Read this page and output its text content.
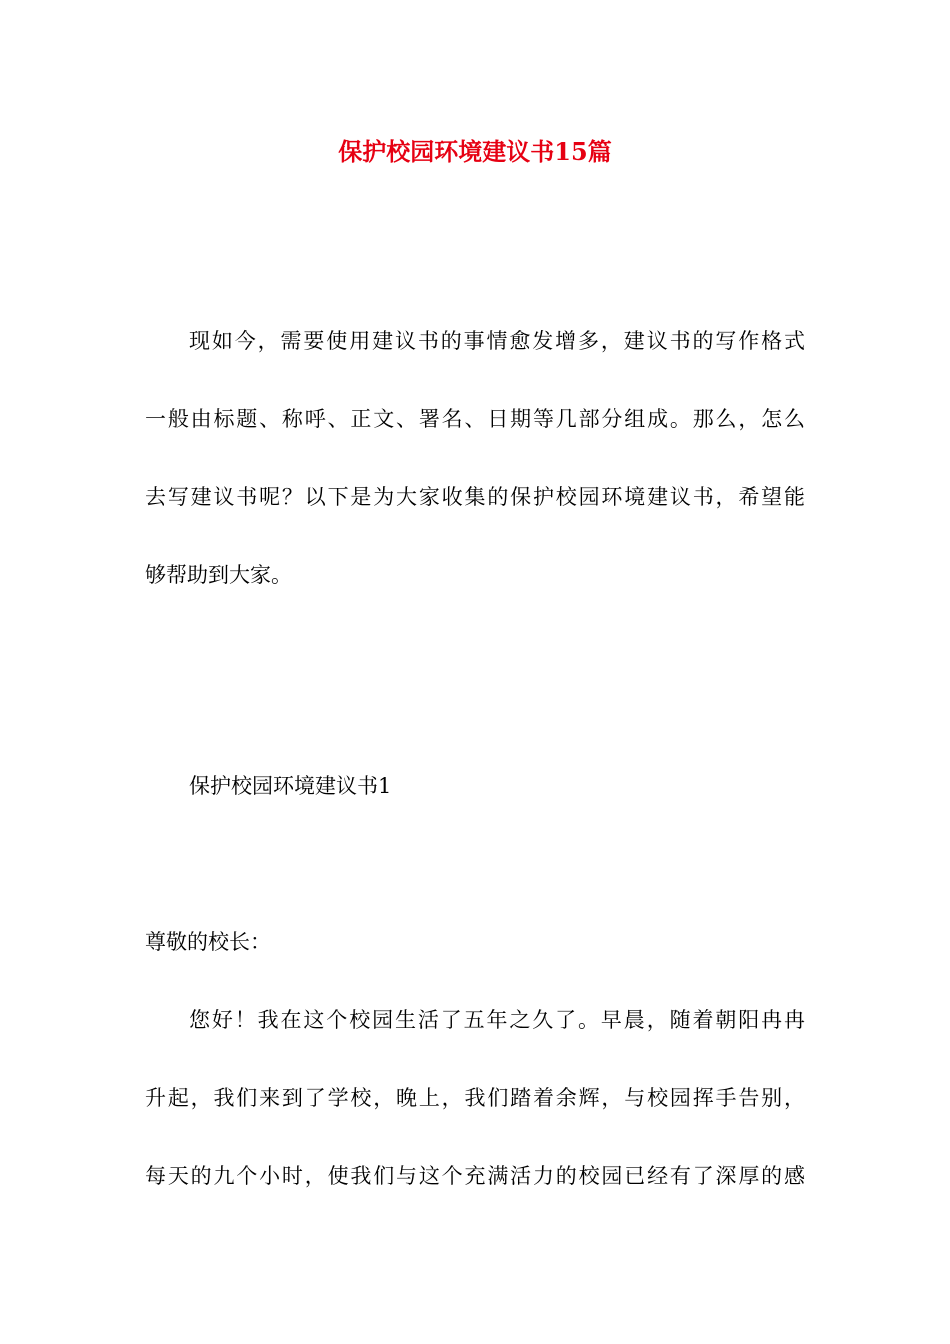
保护校园环境建议书15篇
现如今，需要使用建议书的事情愈发增多，建议书的写作格式
一般由标题、称呼、正文、署名、日期等几部分组成。那么，怎么
去写建议书呢？以下是为大家收集的保护校园环境建议书，希望能
够帮助到大家。
保护校园环境建议书1
尊敬的校长：
您好！我在这个校园生活了五年之久了。早晨，随着朝阳冉冉
升起，我们来到了学校，晚上，我们踏着余辉，与校园挥手告别，
每天的九个小时，使我们与这个充满活力的校园已经有了深厚的感
